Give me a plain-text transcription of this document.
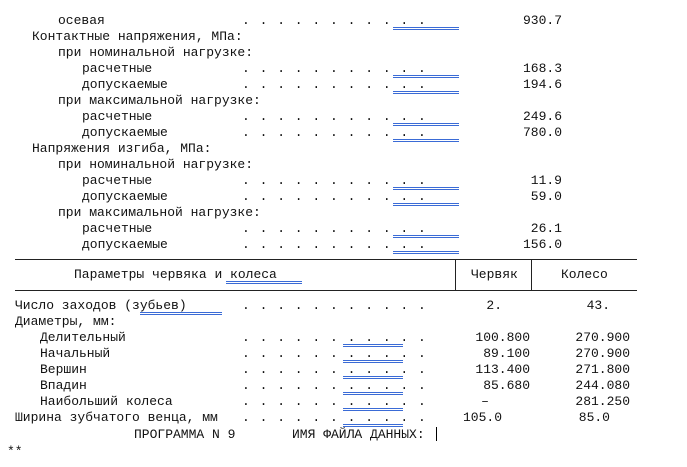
осевая	. . . . . . . . . . .	930.7
Контактные напряжения, МПа:
при номинальной нагрузке:
расчетные	. . . . . . . . . . .	168.3
допускаемые	. . . . . . . . . . .	194.6
при максимальной нагрузке:
расчетные	. . . . . . . . . . .	249.6
допускаемые	. . . . . . . . . . .	780.0
Напряжения изгиба, МПа:
при номинальной нагрузке:
расчетные	. . . . . . . . . . .	11.9
допускаемые	. . . . . . . . . . .	59.0
при максимальной нагрузке:
расчетные	. . . . . . . . . . .	26.1
допускаемые	. . . . . . . . . . .	156.0
Параметры червяка и колеса	Червяк	Колесо
Число заходов (зубьев)	. . . . . . . . . . .	2.	43.
Диаметры, мм:
Делительный	. . . . . . . . . . .	100.800	270.900
Начальный	. . . . . . . . . . .	89.100	270.900
Вершин	. . . . . . . . . . .	113.400	271.800
Впадин	. . . . . . . . . . .	85.680	244.080
Наибольший колеса	. . . . . . . . . . .	–	281.250
Ширина зубчатого венца, мм . . . . . . . . . . .	105.0	85.0
ПРОГРАММА N 9	ИМЯ ФАЙЛА ДАННЫХ:
**
